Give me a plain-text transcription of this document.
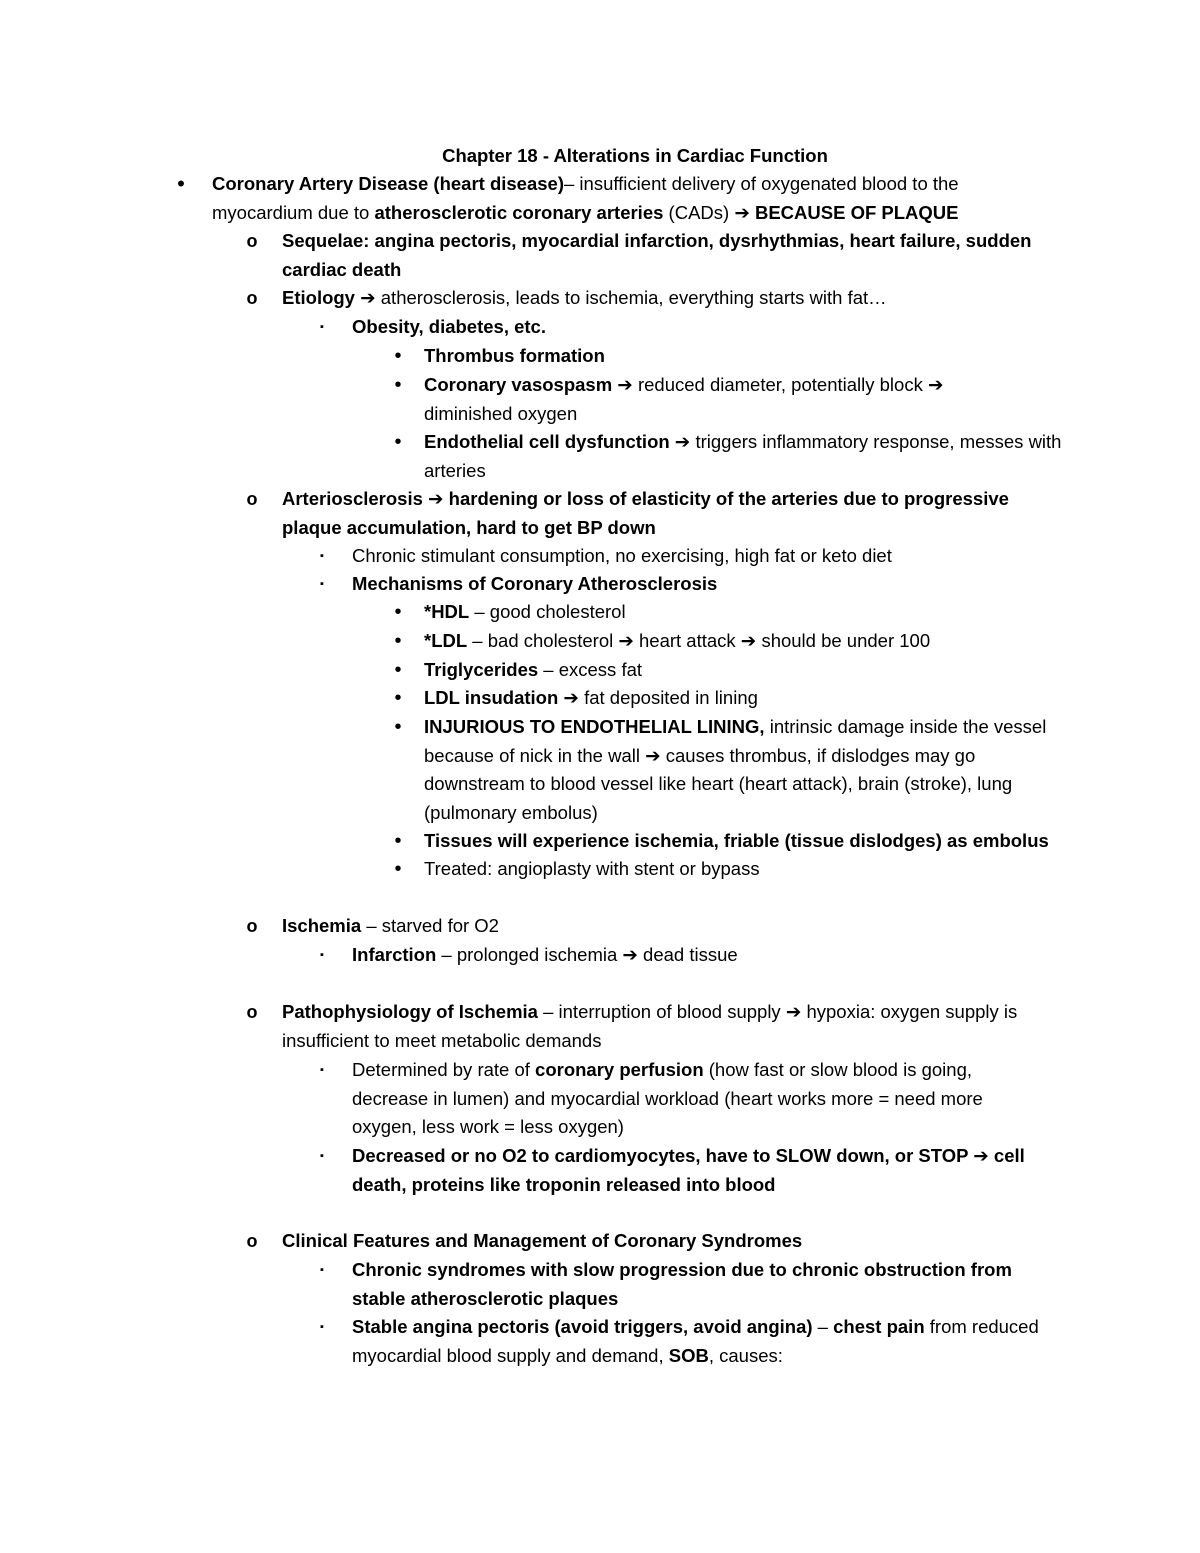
Chapter 18 - Alterations in Cardiac Function
•	Coronary Artery Disease (heart disease)– insufficient delivery of oxygenated blood to the myocardium due to atherosclerotic coronary arteries (CADs) ➔ BECAUSE OF PLAQUE
o Sequelae: angina pectoris, myocardial infarction, dysrhythmias, heart failure, sudden cardiac death
o Etiology ➔ atherosclerosis, leads to ischemia, everything starts with fat…
▪	Obesity, diabetes, etc.
•	Thrombus formation
•	Coronary vasospasm ➔ reduced diameter, potentially block ➔ diminished oxygen
•	Endothelial cell dysfunction ➔ triggers inflammatory response, messes with arteries
o Arteriosclerosis ➔ hardening or loss of elasticity of the arteries due to progressive plaque accumulation, hard to get BP down
▪	Chronic stimulant consumption, no exercising, high fat or keto diet
▪	Mechanisms of Coronary Atherosclerosis
•	*HDL – good cholesterol
•	*LDL – bad cholesterol ➔ heart attack ➔ should be under 100
•	Triglycerides – excess fat
•	LDL insudation ➔ fat deposited in lining
•	INJURIOUS TO ENDOTHELIAL LINING, intrinsic damage inside the vessel because of nick in the wall ➔ causes thrombus, if dislodges may go downstream to blood vessel like heart (heart attack), brain (stroke), lung (pulmonary embolus)
•	Tissues will experience ischemia, friable (tissue dislodges) as embolus
•	Treated: angioplasty with stent or bypass
o Ischemia – starved for O2
▪	Infarction – prolonged ischemia ➔ dead tissue
o Pathophysiology of Ischemia – interruption of blood supply ➔ hypoxia: oxygen supply is insufficient to meet metabolic demands
▪	Determined by rate of coronary perfusion (how fast or slow blood is going, decrease in lumen) and myocardial workload (heart works more = need more oxygen, less work = less oxygen)
▪	Decreased or no O2 to cardiomyocytes, have to SLOW down, or STOP ➔ cell death, proteins like troponin released into blood
o Clinical Features and Management of Coronary Syndromes
▪	Chronic syndromes with slow progression due to chronic obstruction from stable atherosclerotic plaques
▪	Stable angina pectoris (avoid triggers, avoid angina) – chest pain from reduced myocardial blood supply and demand, SOB, causes:
